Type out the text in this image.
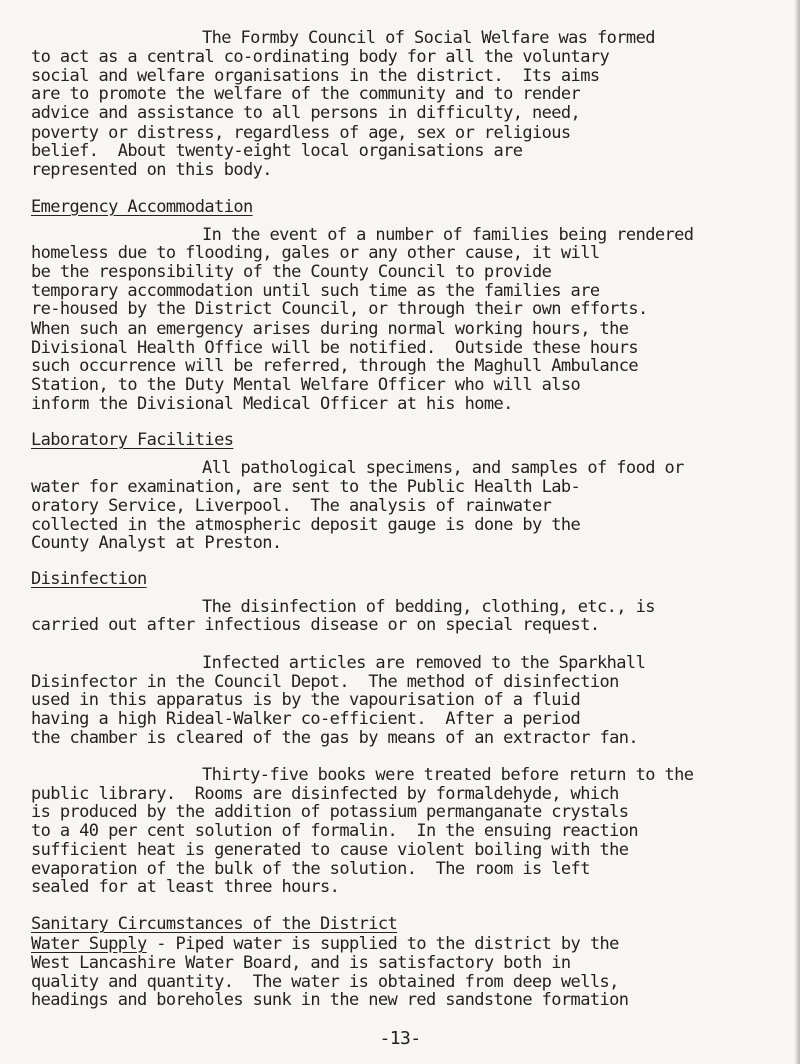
The Formby Council of Social Welfare was formed
to act as a central co-ordinating body for all the voluntary
social and welfare organisations in the district.  Its aims
are to promote the welfare of the community and to render
advice and assistance to all persons in difficulty, need,
poverty or distress, regardless of age, sex or religious
belief.  About twenty-eight local organisations are
represented on this body.
Emergency Accommodation
In the event of a number of families being rendered
homeless due to flooding, gales or any other cause, it will
be the responsibility of the County Council to provide
temporary accommodation until such time as the families are
re-housed by the District Council, or through their own efforts.
When such an emergency arises during normal working hours, the
Divisional Health Office will be notified.  Outside these hours
such occurrence will be referred, through the Maghull Ambulance
Station, to the Duty Mental Welfare Officer who will also
inform the Divisional Medical Officer at his home.
Laboratory Facilities
All pathological specimens, and samples of food or
water for examination, are sent to the Public Health Lab-
oratory Service, Liverpool.  The analysis of rainwater
collected in the atmospheric deposit gauge is done by the
County Analyst at Preston.
Disinfection
The disinfection of bedding, clothing, etc., is
carried out after infectious disease or on special request.
Infected articles are removed to the Sparkhall
Disinfector in the Council Depot.  The method of disinfection
used in this apparatus is by the vapourisation of a fluid
having a high Rideal-Walker co-efficient.  After a period
the chamber is cleared of the gas by means of an extractor fan.
Thirty-five books were treated before return to the
public library.  Rooms are disinfected by formaldehyde, which
is produced by the addition of potassium permanganate crystals
to a 40 per cent solution of formalin.  In the ensuing reaction
sufficient heat is generated to cause violent boiling with the
evaporation of the bulk of the solution.  The room is left
sealed for at least three hours.
Sanitary Circumstances of the District
Water Supply - Piped water is supplied to the district by the
West Lancashire Water Board, and is satisfactory both in
quality and quantity.  The water is obtained from deep wells,
headings and boreholes sunk in the new red sandstone formation
-13-
